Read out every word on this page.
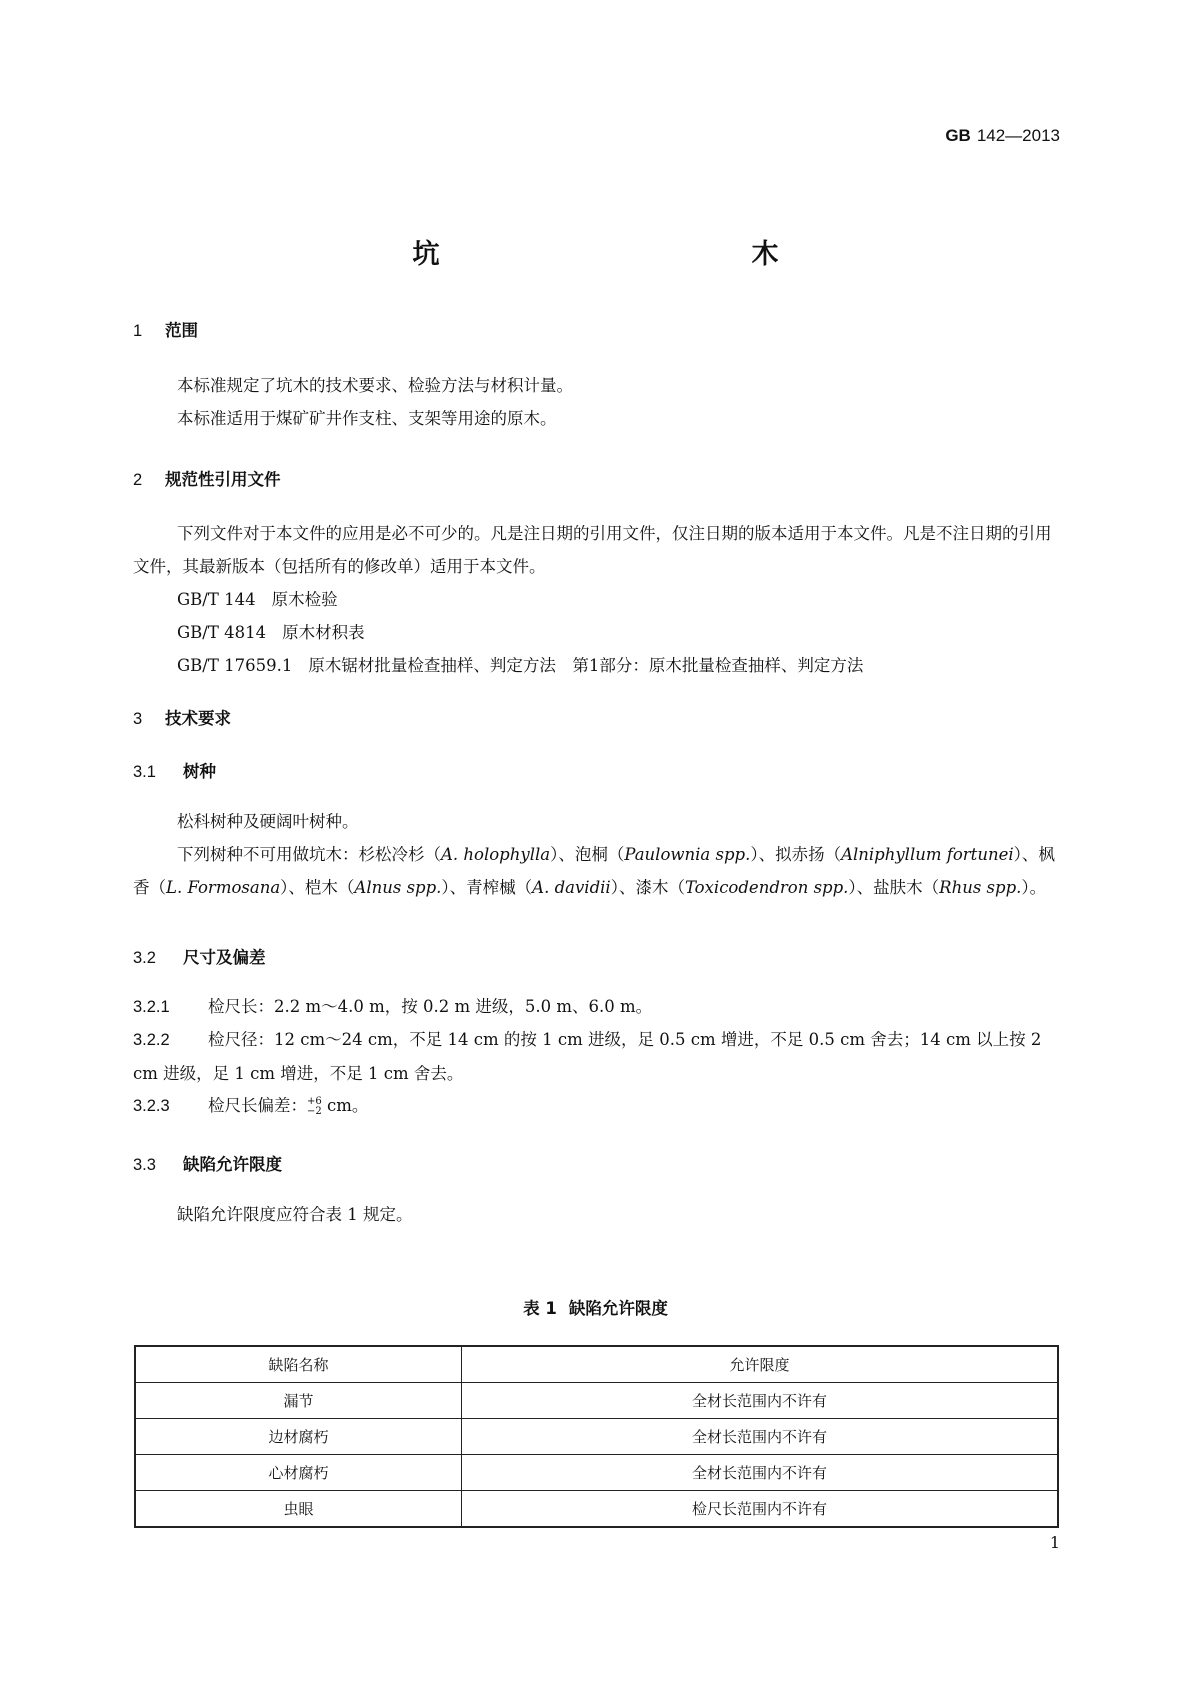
GB 142—2013
坑　　木
1 范围
本标准规定了坑木的技术要求、检验方法与材积计量。
本标准适用于煤矿矿井作支柱、支架等用途的原木。
2 规范性引用文件
下列文件对于本文件的应用是必不可少的。凡是注日期的引用文件，仅注日期的版本适用于本文件。凡是不注日期的引用文件，其最新版本（包括所有的修改单）适用于本文件。
GB/T 144 原木检验
GB/T 4814 原木材积表
GB/T 17659.1 原木锯材批量检查抽样、判定方法　第1部分：原木批量检查抽样、判定方法
3 技术要求
3.1 树种
松科树种及硬阔叶树种。
下列树种不可用做坑木：杉松冷杉（A. holophylla）、泡桐（Paulownia spp.）、拟赤扬（Alniphyllum fortunei）、枫香（L. Formosana）、桤木（Alnus spp.）、青榨槭（A. davidii）、漆木（Toxicodendron spp.）、盐肤木（Rhus spp.）。
3.2 尺寸及偏差
3.2.1 检尺长：2.2 m～4.0 m，按 0.2 m 进级，5.0 m、6.0 m。
3.2.2 检尺径：12 cm～24 cm，不足 14 cm 的按 1 cm 进级，足 0.5 cm 增进，不足 0.5 cm 舍去；14 cm 以上按 2 cm 进级，足 1 cm 增进，不足 1 cm 舍去。
3.2.3 检尺长偏差： +6
−2 cm。
3.3 缺陷允许限度
缺陷允许限度应符合表 1 规定。
表 1 缺陷允许限度
缺陷名称	允许限度
漏节	全材长范围内不许有
边材腐朽	全材长范围内不许有
心材腐朽	全材长范围内不许有
虫眼	检尺长范围内不许有
1
